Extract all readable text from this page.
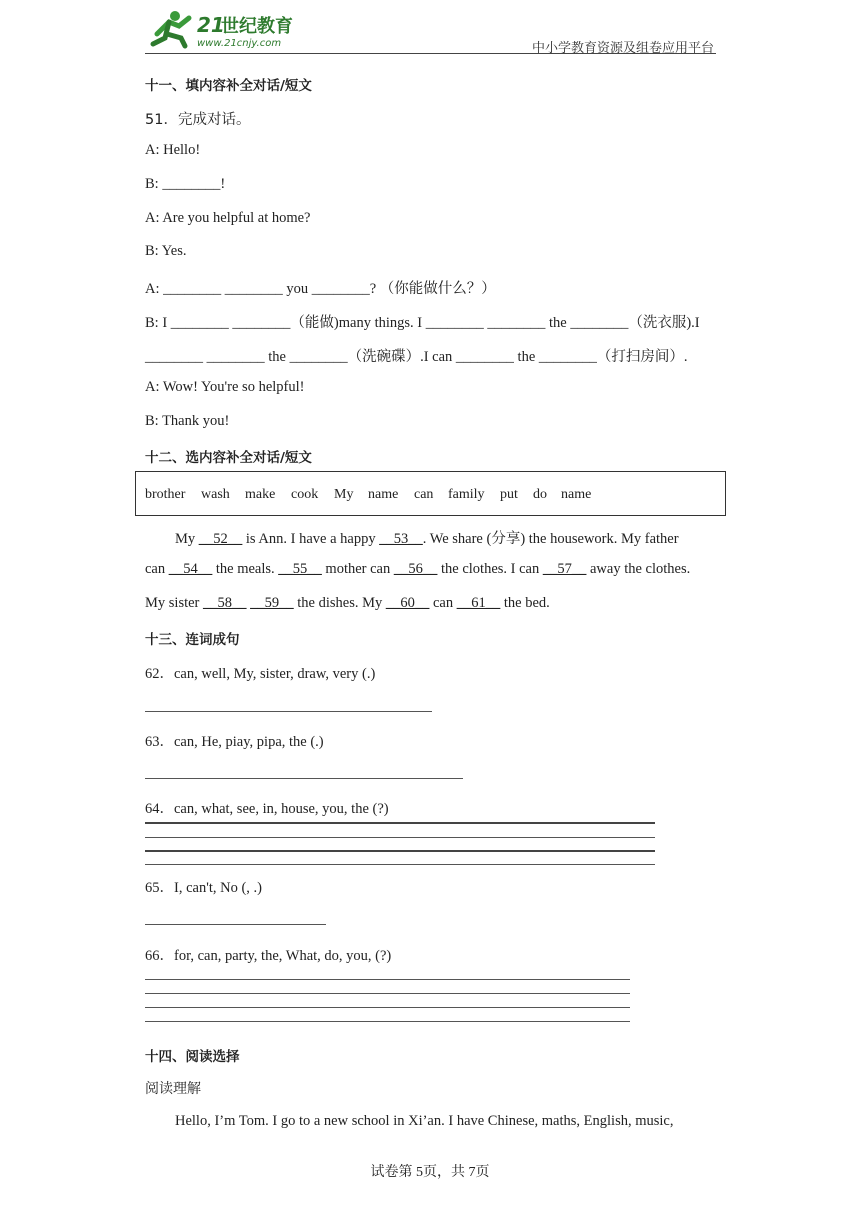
21
世纪教育
www.21cnjy.com	中小学教育资源及组卷应用平台
十一、填内容补全对话/短文
51．完成对话。
A: Hello!
B: ________!
A: Are you helpful at home?
B: Yes.
A: ________ ________ you ________? （你能做什么？）
B: I ________ ________（能做)many things. I ________ ________ the ________（洗衣服).I
________ ________ the ________（洗碗碟）.I can ________ the ________（打扫房间）.
A: Wow! You're so helpful!
B: Thank you!
十二、选内容补全对话/短文
brother wash make cook My name can family put do name
My __52__ is Ann. I have a happy __53__. We share (分享) the housework. My father
can __54__ the meals. __55__ mother can __56__ the clothes. I can __57__ away the clothes.
My sister __58__ __59__ the dishes. My __60__ can __61__ the bed.
十三、连词成句
62．can, well, My, sister, draw, very (.)
63．can, He, piay, pipa, the (.)
64．can, what, see, in, house, you, the (?)
65．I, can't, No (, .)
66．for, can, party, the, What, do, you, (?)
十四、阅读选择
阅读理解
Hello, I’m Tom. I go to a new school in Xi’an. I have Chinese, maths, English, music,
试卷第 5页，共 7页
